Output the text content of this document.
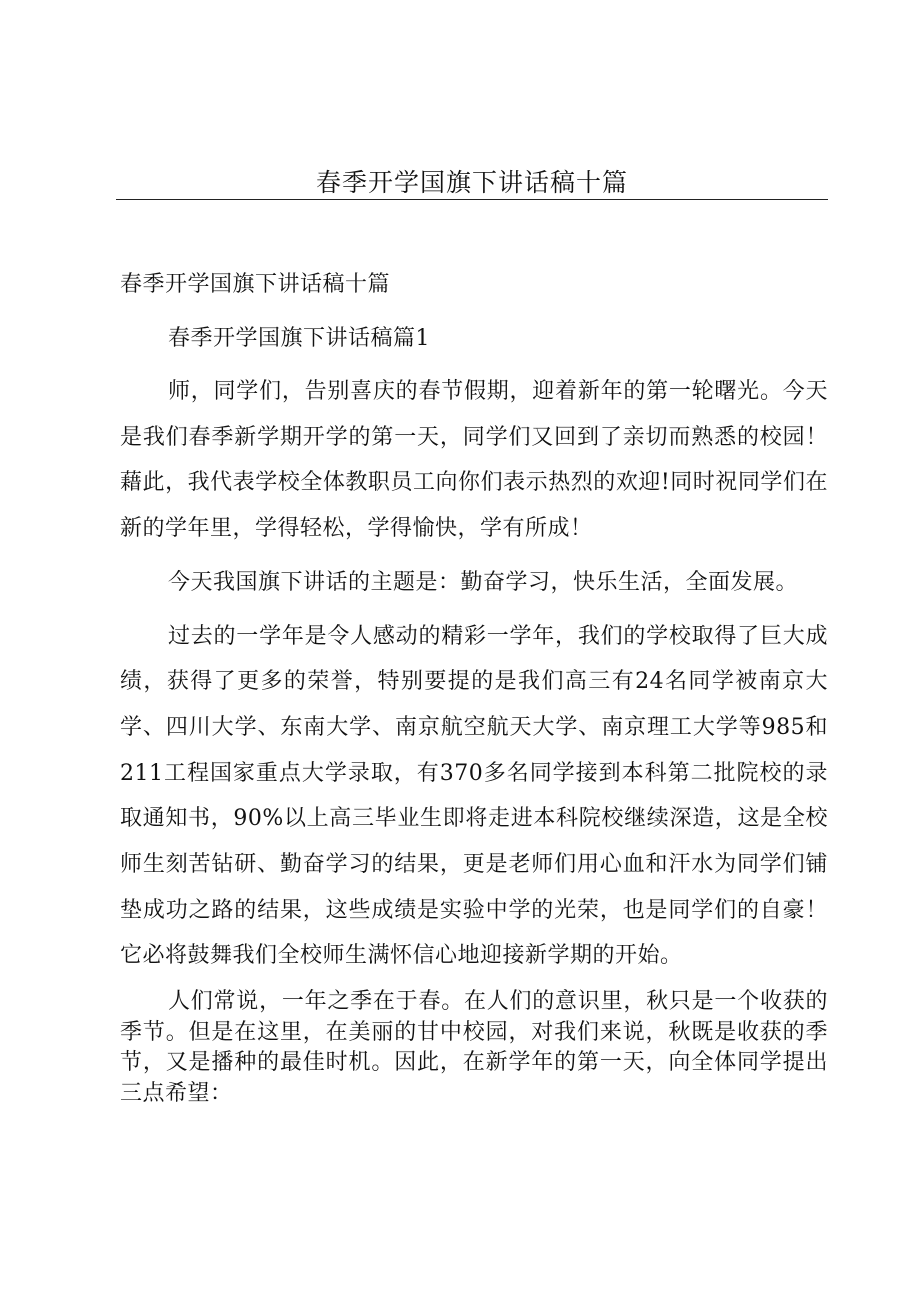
春季开学国旗下讲话稿十篇

春季开学国旗下讲话稿十篇

春季开学国旗下讲话稿篇1

师，同学们，告别喜庆的春节假期，迎着新年的第一轮曙光。今天是我们春季新学期开学的第一天，同学们又回到了亲切而熟悉的校园！藉此，我代表学校全体教职员工向你们表示热烈的欢迎!同时祝同学们在新的学年里，学得轻松，学得愉快，学有所成！

今天我国旗下讲话的主题是：勤奋学习，快乐生活，全面发展。

过去的一学年是令人感动的精彩一学年，我们的学校取得了巨大成绩，获得了更多的荣誉，特别要提的是我们高三有24名同学被南京大学、四川大学、东南大学、南京航空航天大学、南京理工大学等985和211工程国家重点大学录取，有370多名同学接到本科第二批院校的录取通知书，90%以上高三毕业生即将走进本科院校继续深造，这是全校师生刻苦钻研、勤奋学习的结果，更是老师们用心血和汗水为同学们铺垫成功之路的结果，这些成绩是实验中学的光荣，也是同学们的自豪！它必将鼓舞我们全校师生满怀信心地迎接新学期的开始。

人们常说，一年之季在于春。在人们的意识里，秋只是一个收获的季节。但是在这里，在美丽的甘中校园，对我们来说，秋既是收获的季节，又是播种的最佳时机。因此，在新学年的第一天，向全体同学提出三点希望：
